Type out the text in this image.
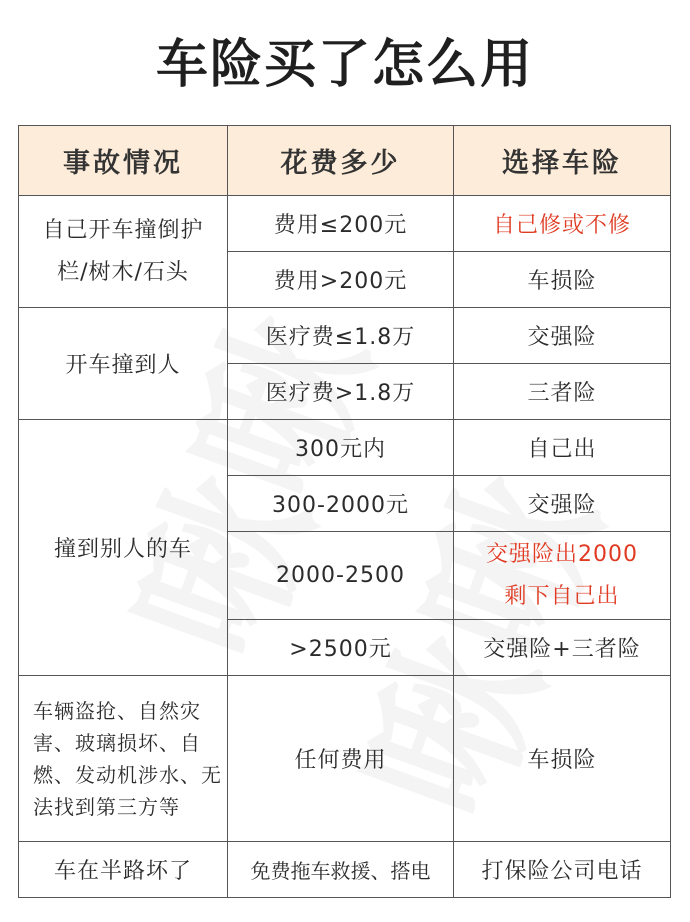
车险买了怎么用
事故情况	花费多少	选择车险
自己开车撞倒护栏/树木/石头	费用≤200元	自己修或不修
	费用>200元	车损险
开车撞到人	医疗费≤1.8万	交强险
	医疗费>1.8万	三者险
撞到别人的车	300元内	自己出
	300-2000元	交强险
	2000-2500	交强险出2000剩下自己出
	>2500元	交强险+三者险
车辆盗抢、自然灾害、玻璃损坏、自燃、发动机涉水、无法找到第三方等	任何费用	车损险
车在半路坏了	免费拖车救援、搭电	打保险公司电话
